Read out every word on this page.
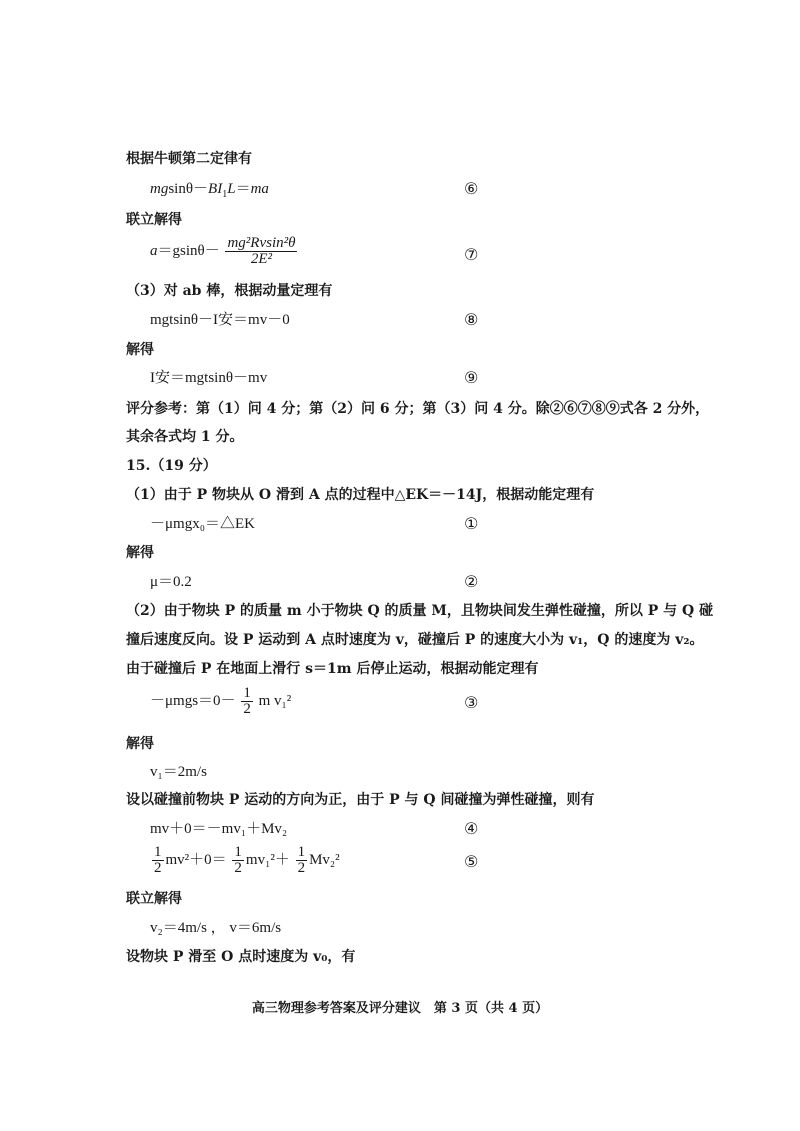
根据牛顿第二定律有
$mgsin\theta-BI_1L=ma$	⑥
联立解得
$a=gsin\theta- \frac{\text{mg²Rvsin²θ}}{\text{2E²}}$	⑦
（3）对 ab 棒，根据动量定理有
mgtsinθ－I安＝mv－0	⑧
解得
I安＝mgtsinθ－mv	⑨
评分参考：第（1）问 4 分；第（2）问 6 分；第（3）问 4 分。除②⑥⑦⑧⑨式各 2 分外，
其余各式均 1 分。
15.（19 分）
（1）由于 P 物块从 O 滑到 A 点的过程中△EK＝－14J，根据动能定理有
－μmgx₀＝△EK	①
解得
μ＝0.2	②
（2）由于物块 P 的质量 m 小于物块 Q 的质量 M，且物块间发生弹性碰撞，所以 P 与 Q 碰
撞后速度反向。设 P 运动到 A 点时速度为 v，碰撞后 P 的速度大小为 v₁，Q 的速度为 v₂。
由于碰撞后 P 在地面上滑行 s＝1m 后停止运动，根据动能定理有
$-\mu mgs=0- \frac{1}{2}$ m v₁²	③
解得
v₁＝2m/s
设以碰撞前物块 P 运动的方向为正，由于 P 与 Q 间碰撞为弹性碰撞，则有
mv＋0＝－mv₁＋Mv₂	④
$\frac{1}{2} mv^2+0= \frac{1}{2} mv_1^2+ \frac{1}{2} Mv_2^2$	⑤
联立解得
v₂＝4m/s ， v＝6m/s
设物块 P 滑至 O 点时速度为 v₀，有
高三物理参考答案及评分建议　第 3 页（共 4 页）
